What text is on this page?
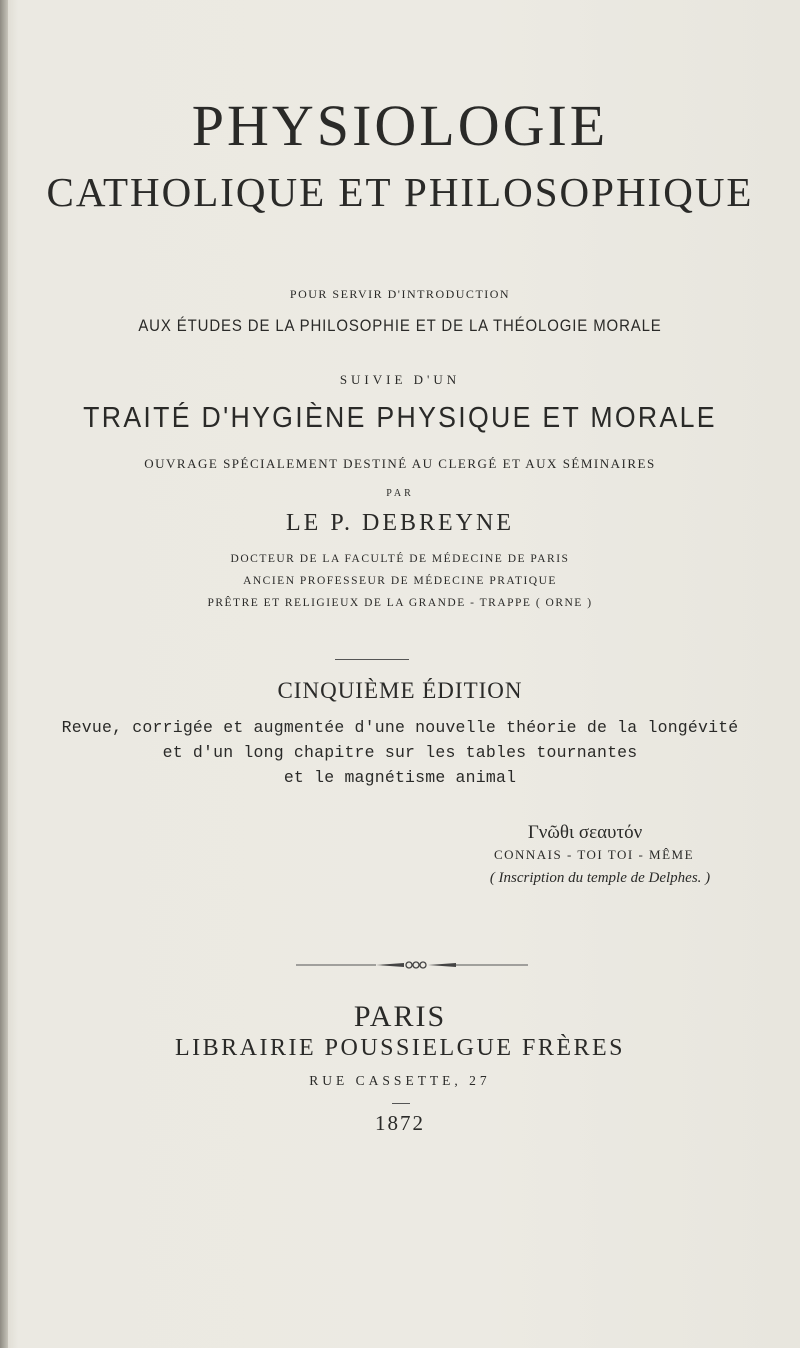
PHYSIOLOGIE
CATHOLIQUE ET PHILOSOPHIQUE
POUR SERVIR D'INTRODUCTION
AUX ÉTUDES DE LA PHILOSOPHIE ET DE LA THÉOLOGIE MORALE
SUIVIE D'UN
TRAITÉ D'HYGIÈNE PHYSIQUE ET MORALE
OUVRAGE SPÉCIALEMENT DESTINÉ AU CLERGÉ ET AUX SÉMINAIRES
PAR
LE P. DEBREYNE
DOCTEUR DE LA FACULTÉ DE MÉDECINE DE PARIS
ANCIEN PROFESSEUR DE MÉDECINE PRATIQUE
PRÊTRE ET RELIGIEUX DE LA GRANDE - TRAPPE ( ORNE )
CINQUIÈME ÉDITION
Revue, corrigée et augmentée d'une nouvelle théorie de la longévité
et d'un long chapitre sur les tables tournantes
et le magnétisme animal
Γνῶθι σεαυτόν
CONNAIS - TOI TOI - MÊME
( Inscription du temple de Delphes. )
PARIS
LIBRAIRIE POUSSIELGUE FRÈRES
RUE CASSETTE, 27
1872
